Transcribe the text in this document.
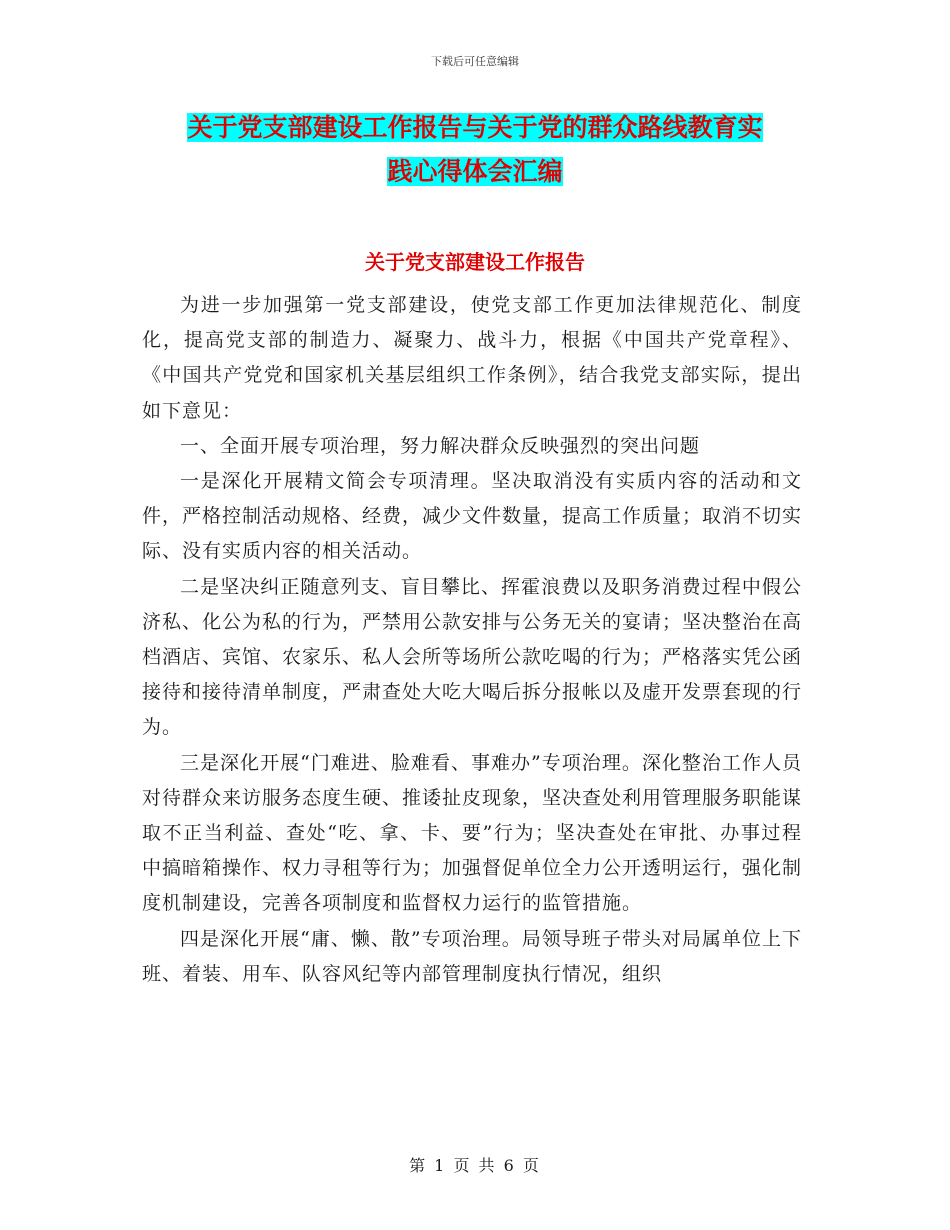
下载后可任意编辑
关于党支部建设工作报告与关于党的群众路线教育实
践心得体会汇编
关于党支部建设工作报告

为进一步加强第一党支部建设，使党支部工作更加法律规范化、制度化，提高党支部的制造力、凝聚力、战斗力，根据《中国共产党章程》、《中国共产党党和国家机关基层组织工作条例》，结合我党支部实际，提出如下意见：

一、全面开展专项治理，努力解决群众反映强烈的突出问题

一是深化开展精文简会专项清理。坚决取消没有实质内容的活动和文件，严格控制活动规格、经费，减少文件数量，提高工作质量；取消不切实际、没有实质内容的相关活动。

二是坚决纠正随意列支、盲目攀比、挥霍浪费以及职务消费过程中假公济私、化公为私的行为，严禁用公款安排与公务无关的宴请；坚决整治在高档酒店、宾馆、农家乐、私人会所等场所公款吃喝的行为；严格落实凭公函接待和接待清单制度，严肃查处大吃大喝后拆分报帐以及虚开发票套现的行为。

三是深化开展“门难进、脸难看、事难办”专项治理。深化整治工作人员对待群众来访服务态度生硬、推诿扯皮现象，坚决查处利用管理服务职能谋取不正当利益、查处“吃、拿、卡、要”行为；坚决查处在审批、办事过程中搞暗箱操作、权力寻租等行为；加强督促单位全力公开透明运行，强化制度机制建设，完善各项制度和监督权力运行的监管措施。

四是深化开展“庸、懒、散”专项治理。局领导班子带头对局属单位上下班、着装、用车、队容风纪等内部管理制度执行情况，组织

第 1 页 共 6 页
